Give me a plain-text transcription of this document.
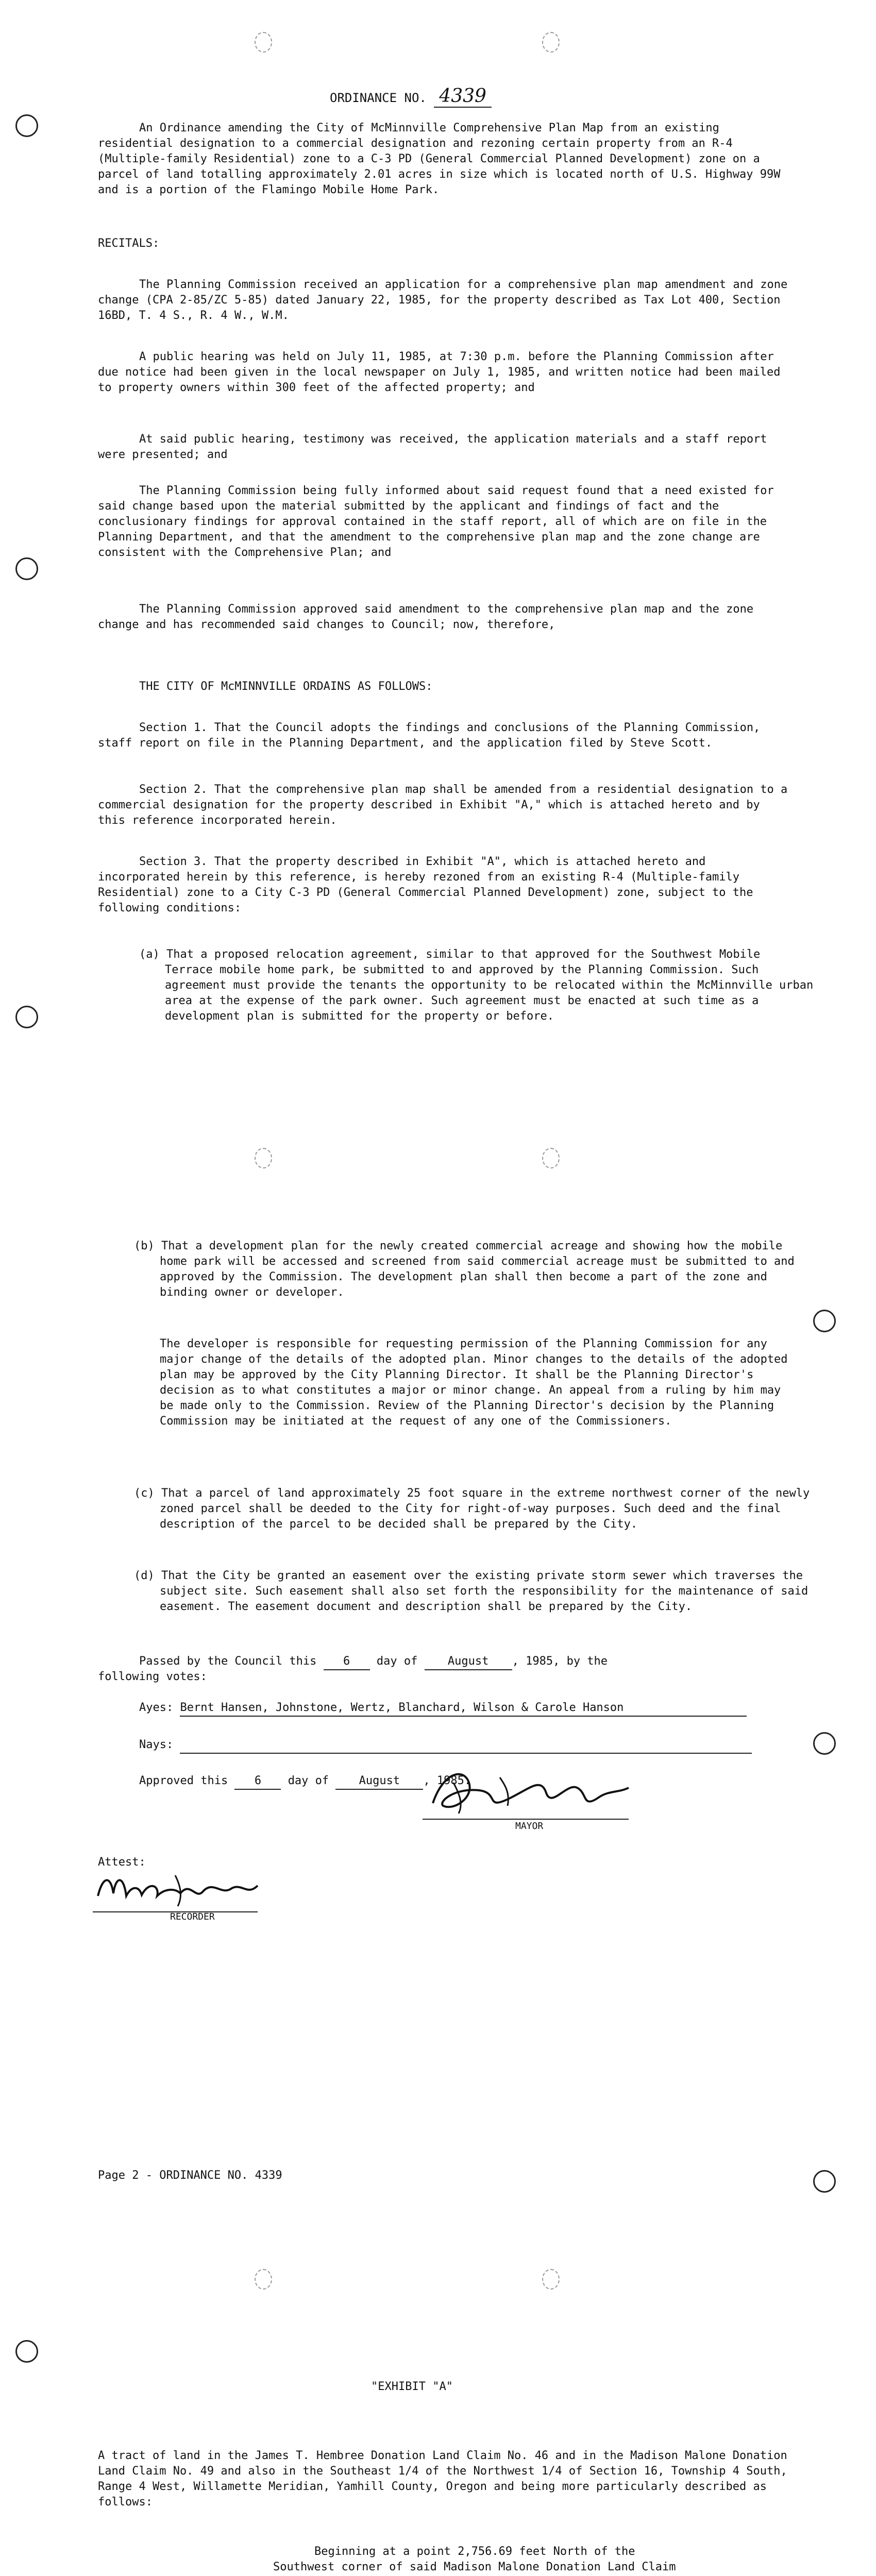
ORDINANCE NO. 4339
An Ordinance amending the City of McMinnville Comprehensive Plan Map from an existing residential designation to a commercial designation and rezoning certain property from an R-4 (Multiple-family Residential) zone to a C-3 PD (General Commercial Planned Development) zone on a parcel of land totalling approximately 2.01 acres in size which is located north of U.S. Highway 99W and is a portion of the Flamingo Mobile Home Park.
RECITALS:
The Planning Commission received an application for a comprehensive plan map amendment and zone change (CPA 2-85/ZC 5-85) dated January 22, 1985, for the property described as Tax Lot 400, Section 16BD, T. 4 S., R. 4 W., W.M.
A public hearing was held on July 11, 1985, at 7:30 p.m. before the Planning Commission after due notice had been given in the local newspaper on July 1, 1985, and written notice had been mailed to property owners within 300 feet of the affected property; and
At said public hearing, testimony was received, the application materials and a staff report were presented; and
The Planning Commission being fully informed about said request found that a need existed for said change based upon the material submitted by the applicant and findings of fact and the conclusionary findings for approval contained in the staff report, all of which are on file in the Planning Department, and that the amendment to the comprehensive plan map and the zone change are consistent with the Comprehensive Plan; and
The Planning Commission approved said amendment to the comprehensive plan map and the zone change and has recommended said changes to Council; now, therefore,
THE CITY OF McMINNVILLE ORDAINS AS FOLLOWS:
Section 1. That the Council adopts the findings and conclusions of the Planning Commission, staff report on file in the Planning Department, and the application filed by Steve Scott.
Section 2. That the comprehensive plan map shall be amended from a residential designation to a commercial designation for the property described in Exhibit "A," which is attached hereto and by this reference incorporated herein.
Section 3. That the property described in Exhibit "A", which is attached hereto and incorporated herein by this reference, is hereby rezoned from an existing R-4 (Multiple-family Residential) zone to a City C-3 PD (General Commercial Planned Development) zone, subject to the following conditions:
(a) That a proposed relocation agreement, similar to that approved for the Southwest Mobile Terrace mobile home park, be submitted to and approved by the Planning Commission. Such agreement must provide the tenants the opportunity to be relocated within the McMinnville urban area at the expense of the park owner. Such agreement must be enacted at such time as a development plan is submitted for the property or before.
(b) That a development plan for the newly created commercial acreage and showing how the mobile home park will be accessed and screened from said commercial acreage must be submitted to and approved by the Commission. The development plan shall then become a part of the zone and binding owner or developer.
The developer is responsible for requesting permission of the Planning Commission for any major change of the details of the adopted plan. Minor changes to the details of the adopted plan may be approved by the City Planning Director. It shall be the Planning Director's decision as to what constitutes a major or minor change. An appeal from a ruling by him may be made only to the Commission. Review of the Planning Director's decision by the Planning Commission may be initiated at the request of any one of the Commissioners.
(c) That a parcel of land approximately 25 foot square in the extreme northwest corner of the newly zoned parcel shall be deeded to the City for right-of-way purposes. Such deed and the final description of the parcel to be decided shall be prepared by the City.
(d) That the City be granted an easement over the existing private storm sewer which traverses the subject site. Such easement shall also set forth the responsibility for the maintenance of said easement. The easement document and description shall be prepared by the City.
Passed by the Council this 6 day of	August , 1985, by the
following votes:
Ayes: Bernt Hansen, Johnstone, Wertz, Blanchard, Wilson & Carole Hanson
Nays:
Approved this 6 day of	August , 1985.
MAYOR
Attest:
RECORDER
Page 2 - ORDINANCE NO. 4339
"EXHIBIT "A"
A tract of land in the James T. Hembree Donation Land Claim No. 46 and in the Madison Malone Donation Land Claim No. 49 and also in the Southeast 1/4 of the Northwest 1/4 of Section 16, Township 4 South, Range 4 West, Willamette Meridian, Yamhill County, Oregon and being more particularly described as follows:
Beginning at a point 2,756.69 feet North of the Southwest corner of said Madison Malone Donation Land Claim
